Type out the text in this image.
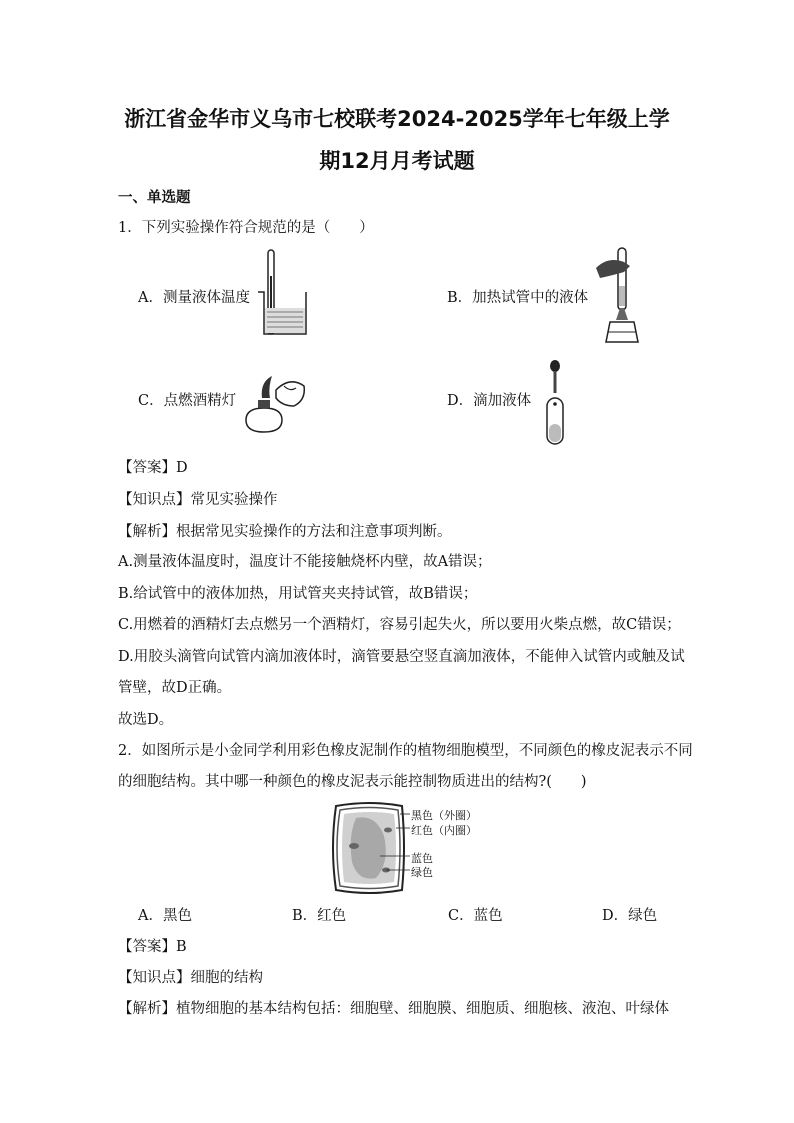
浙江省金华市义乌市七校联考2024-2025学年七年级上学
期12月月考试题
一、单选题
1．下列实验操作符合规范的是（　　）
A．测量液体温度	B．加热试管中的液体
C．点燃酒精灯	D．滴加液体
【答案】D
【知识点】常见实验操作
【解析】根据常见实验操作的方法和注意事项判断。
A.测量液体温度时，温度计不能接触烧杯内壁，故A错误；
B.给试管中的液体加热，用试管夹夹持试管，故B错误；
C.用燃着的酒精灯去点燃另一个酒精灯，容易引起失火，所以要用火柴点燃，故C错误；
D.用胶头滴管向试管内滴加液体时，滴管要悬空竖直滴加液体，不能伸入试管内或触及试
管壁，故D正确。
故选D。
2．如图所示是小金同学利用彩色橡皮泥制作的植物细胞模型，不同颜色的橡皮泥表示不同
的细胞结构。其中哪一种颜色的橡皮泥表示能控制物质进出的结构?(　　)
黑色（外圈）
红色（内圈）
蓝色
绿色
A．黑色	B．红色	C．蓝色	D．绿色
【答案】B
【知识点】细胞的结构
【解析】植物细胞的基本结构包括：细胞壁、细胞膜、细胞质、细胞核、液泡、叶绿体
